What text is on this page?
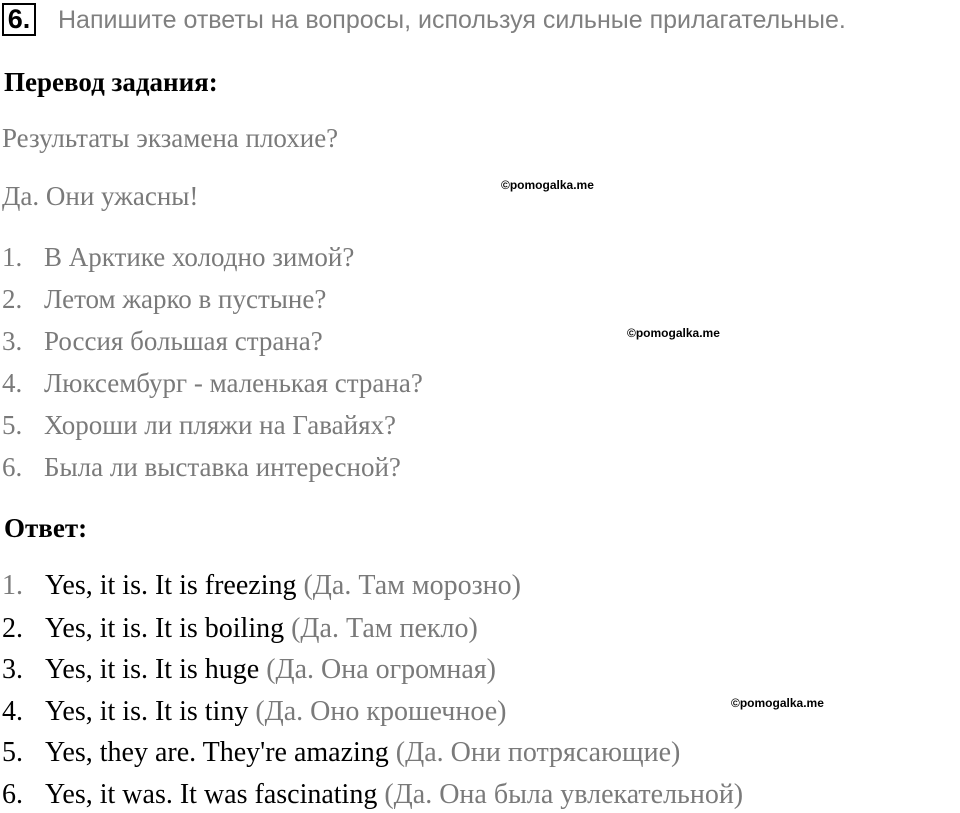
6. Напишите ответы на вопросы, используя сильные прилагательные.
Перевод задания:
Результаты экзамена плохие?
Да. Они ужасны!	©pomogalka.me
1. В Арктике холодно зимой?
2. Летом жарко в пустыне?
3. Россия большая страна?
4. Люксембург - маленькая страна?
5. Хороши ли пляжи на Гавайях?
6. Была ли выставка интересной?
©pomogalka.me
Ответ:
1. Yes, it is. It is freezing (Да. Там морозно)
2. Yes, it is. It is boiling (Да. Там пекло)
3. Yes, it is. It is huge (Да. Она огромная)
4. Yes, it is. It is tiny (Да. Оно крошечное)
5. Yes, they are. They're amazing (Да. Они потрясающие)
6. Yes, it was. It was fascinating (Да. Она была увлекательной)
©pomogalka.me
